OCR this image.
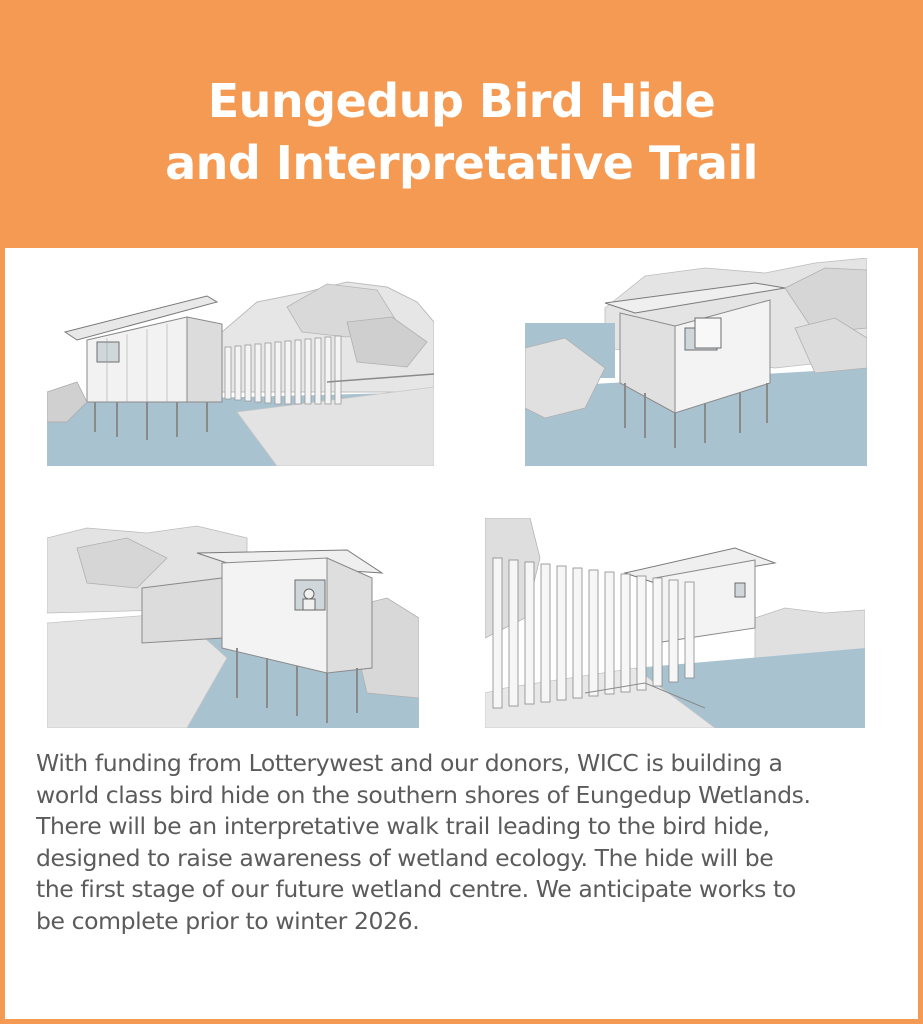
Eungedup Bird Hide
and Interpretative Trail
With funding from Lotterywest and our donors, WICC is building a
world class bird hide on the southern shores of Eungedup Wetlands.
There will be an interpretative walk trail leading to the bird hide,
designed to raise awareness of wetland ecology. The hide will be
the first stage of our future wetland centre. We anticipate works to
be complete prior to winter 2026.
